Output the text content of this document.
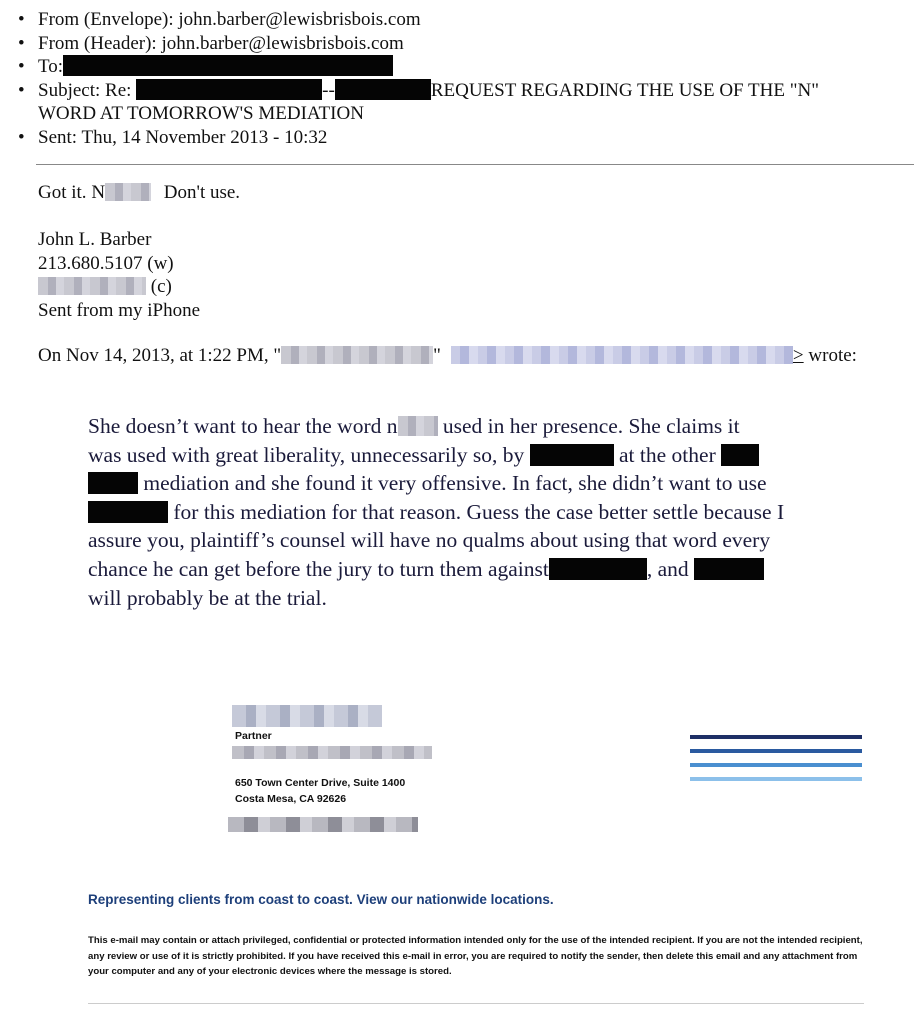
• From (Envelope): john.barber@lewisbrisbois.com
• From (Header): john.barber@lewisbrisbois.com
• To:
• Subject: Re:	--	REQUEST REGARDING THE USE OF THE "N"
WORD AT TOMORROW'S MEDIATION
• Sent: Thu, 14 November 2013 - 10:32
Got it. N	Don't use.
John L. Barber
213.680.5107 (w)
(c)
Sent from my iPhone
On Nov 14, 2013, at 1:22 PM, "	"	> wrote:
She doesn’t want to hear the word n used in her presence. She claims it
was used with great liberality, unnecessarily so, by	at the other
mediation and she found it very offensive. In fact, she didn’t want to use
for this mediation for that reason. Guess the case better settle because I
assure you, plaintiff’s counsel will have no qualms about using that word every
chance he can get before the jury to turn them against	, and
will probably be at the trial.
Partner
650 Town Center Drive, Suite 1400
Costa Mesa, CA 92626
Representing clients from coast to coast. View our nationwide locations.
This e-mail may contain or attach privileged, confidential or protected information intended only for the use of the intended recipient. If you are not the intended recipient, any review or use of it is strictly prohibited. If you have received this e-mail in error, you are required to notify the sender, then delete this email and any attachment from your computer and any of your electronic devices where the message is stored.
